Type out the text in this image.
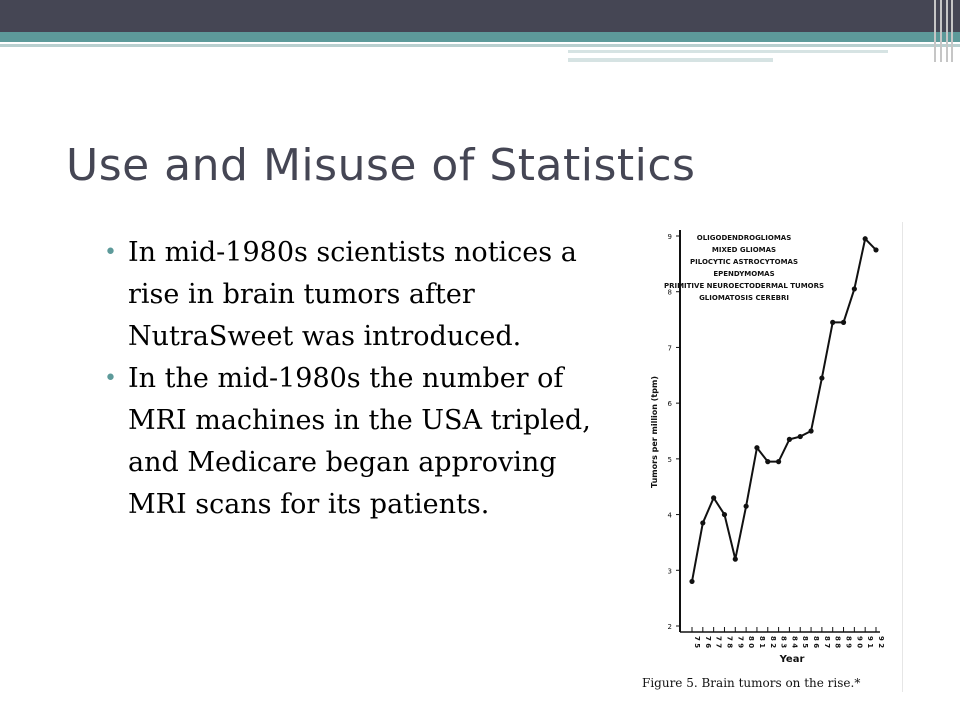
Use and Misuse of Statistics
• In mid-1980s scientists notices a rise in brain tumors after NutraSweet was introduced.
• In the mid-1980s the number of MRI machines in the USA tripled, and Medicare began approving MRI scans for its patients.
OLIGODENDROGLIOMAS
MIXED GLIOMAS
PILOCYTIC ASTROCYTOMAS
EPENDYMOMAS
PRIMITIVE NEUROECTODERMAL TUMORS
GLIOMATOSIS CEREBRI
2
3
4
5
6
7
8
9
7 5 7 6 7 7 7 8 7 9 8 0 8 1 8 2 8 3 8 4 8 5 8 6 8 7 8 8 8 9 9 0 9 1 9 2
Tumors per million (tpm)
Year
Figure 5. Brain tumors on the rise.*
